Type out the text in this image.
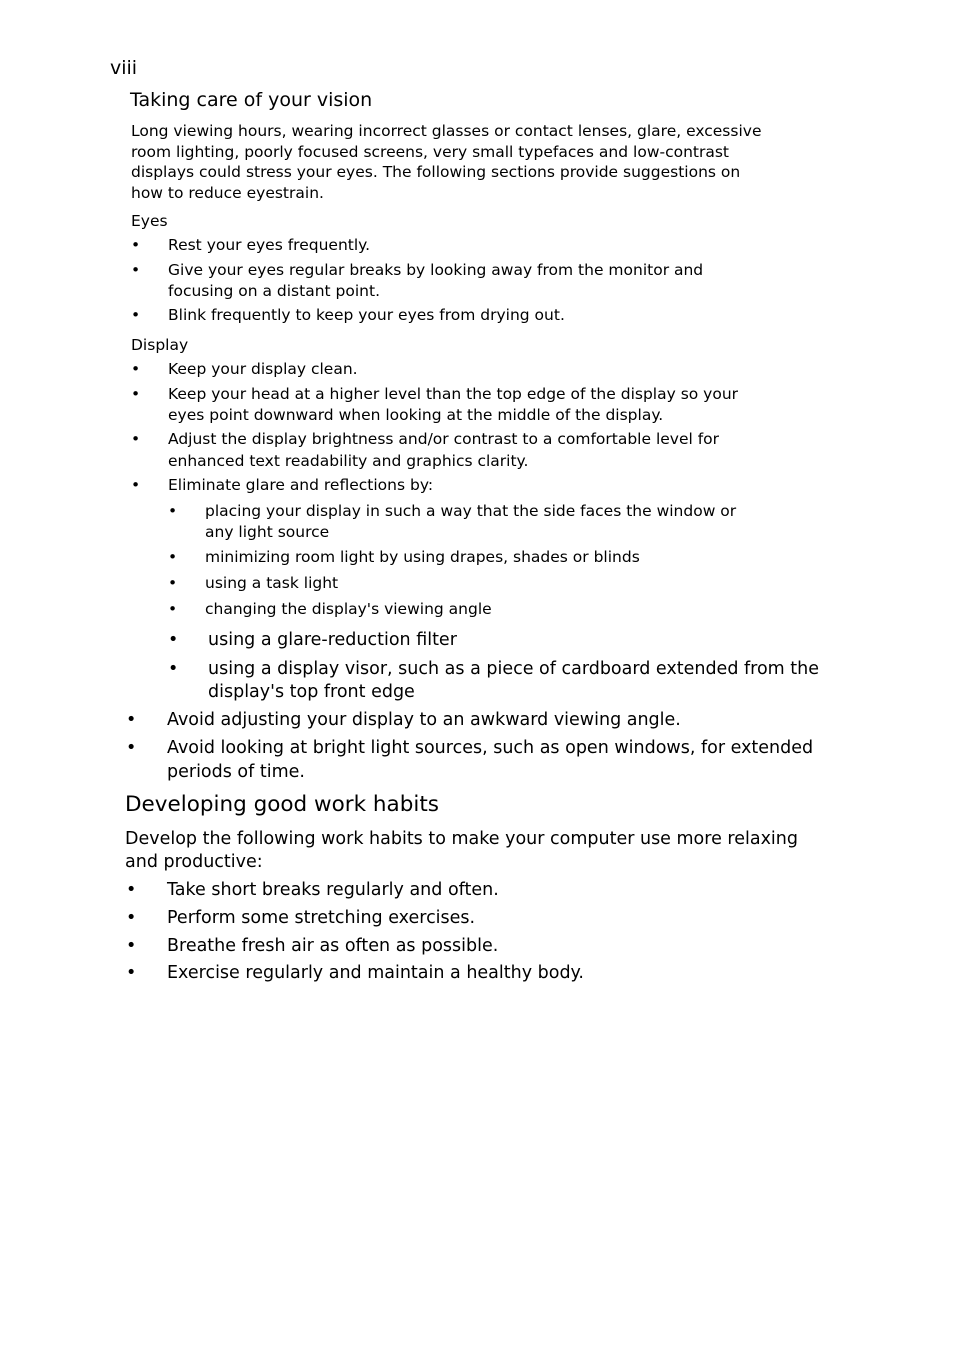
viii
Taking care of your vision
Long viewing hours, wearing incorrect glasses or contact lenses, glare, excessive
room lighting, poorly focused screens, very small typefaces and low-contrast
displays could stress your eyes. The following sections provide suggestions on
how to reduce eyestrain.
Eyes
• Rest your eyes frequently.
• Give your eyes regular breaks by looking away from the monitor and
focusing on a distant point.
• Blink frequently to keep your eyes from drying out.
Display
• Keep your display clean.
• Keep your head at a higher level than the top edge of the display so your
eyes point downward when looking at the middle of the display.
• Adjust the display brightness and/or contrast to a comfortable level for
enhanced text readability and graphics clarity.
• Eliminate glare and reflections by:
• placing your display in such a way that the side faces the window or
any light source
• minimizing room light by using drapes, shades or blinds
• using a task light
• changing the display's viewing angle
• using a glare-reduction filter
• using a display visor, such as a piece of cardboard extended from the
display's top front edge
• Avoid adjusting your display to an awkward viewing angle.
• Avoid looking at bright light sources, such as open windows, for extended
periods of time.
Developing good work habits
Develop the following work habits to make your computer use more relaxing
and productive:
• Take short breaks regularly and often.
• Perform some stretching exercises.
• Breathe fresh air as often as possible.
• Exercise regularly and maintain a healthy body.
